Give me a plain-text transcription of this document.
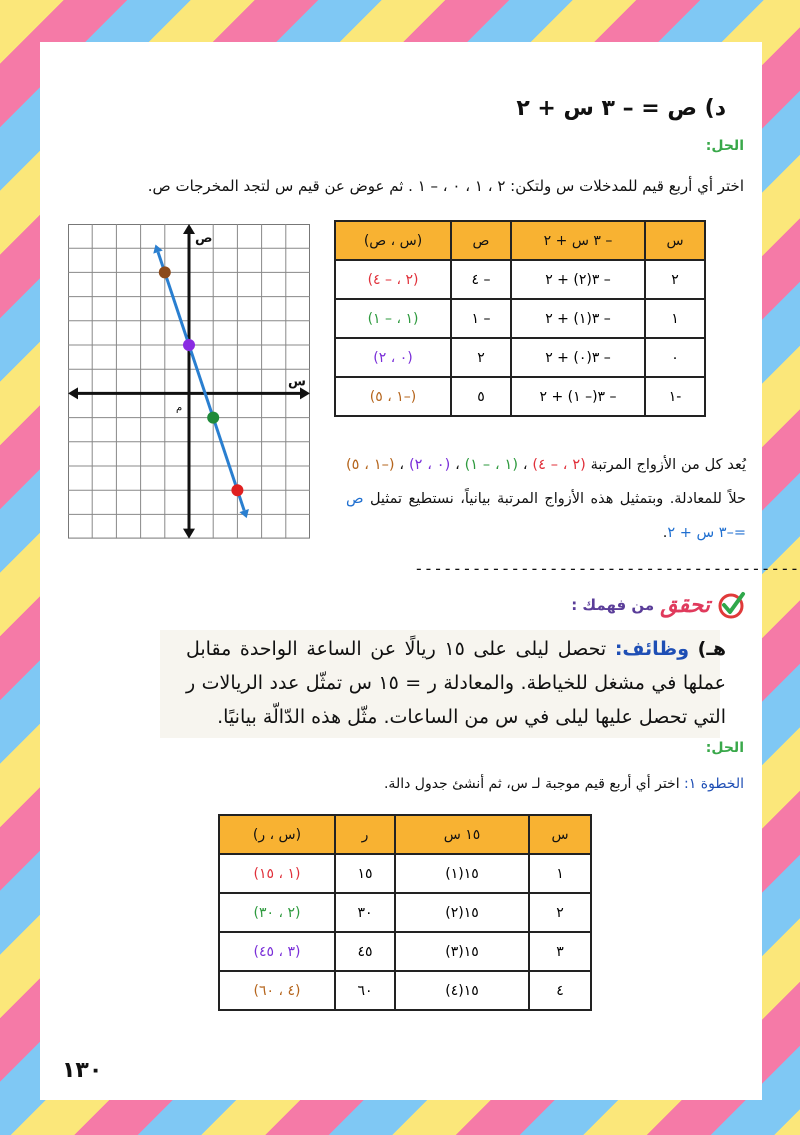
د) ص = – ٣ س + ٢
الحل:
اختر أي أربع قيم للمدخلات س ولتكن: ٢ ، ١ ، ٠ ، – ١ . ثم عوض عن قيم س لتجد المخرجات ص.
س
ص
م
س	– ٣ س + ٢	ص	(س ، ص)
٢	– ٣(٢) + ٢	– ٤	(٢ ، – ٤)
١	– ٣(١) + ٢	– ١	(١ ، – ١)
٠	– ٣(٠) + ٢	٢	(٠ ، ٢)
-١	– ٣(– ١) + ٢	٥	(–١ ، ٥)
يُعد كل من الأزواج المرتبة (٢ ، – ٤) ، (١ ، – ١) ، (٠ ، ٢) ، (–١ ، ٥) حلاً للمعادلة. وبتمثيل هذه الأزواج المرتبة بيانياً، نستطيع تمثيل ص =–٣ س + ٢.
----------------------------------------
تحقق
من فهمك :
هـ) وظائف: تحصل ليلى على ١٥ ريالًا عن الساعة الواحدة مقابل عملها في مشغل للخياطة. والمعادلة ر = ١٥ س تمثّل عدد الريالات ر التي تحصل عليها ليلى في س من الساعات. مثّل هذه الدّالّة بيانيًا.
الحل:
الخطوة ١: اختر أي أربع قيم موجبة لـ س، ثم أنشئ جدول دالة.
س	١٥ س	ر	(س ، ر)
١	١٥(١)	١٥	(١ ، ١٥)
٢	١٥(٢)	٣٠	(٢ ، ٣٠)
٣	١٥(٣)	٤٥	(٣ ، ٤٥)
٤	١٥(٤)	٦٠	(٤ ، ٦٠)
١٣٠
